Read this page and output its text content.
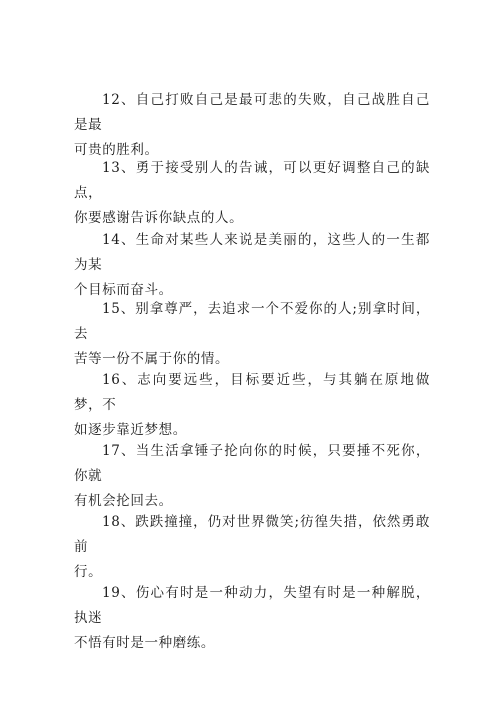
12、自己打败自己是最可悲的失败，自己战胜自己是最
可贵的胜利。
13、勇于接受别人的告诫，可以更好调整自己的缺点，
你要感谢告诉你缺点的人。
14、生命对某些人来说是美丽的，这些人的一生都为某
个目标而奋斗。
15、别拿尊严，去追求一个不爱你的人;别拿时间，去
苦等一份不属于你的情。
16、志向要远些，目标要近些，与其躺在原地做梦，不
如逐步靠近梦想。
17、当生活拿锤子抡向你的时候，只要捶不死你，你就
有机会抡回去。
18、跌跌撞撞，仍对世界微笑;彷徨失措，依然勇敢前
行。
19、伤心有时是一种动力，失望有时是一种解脱，执迷
不悟有时是一种磨练。
